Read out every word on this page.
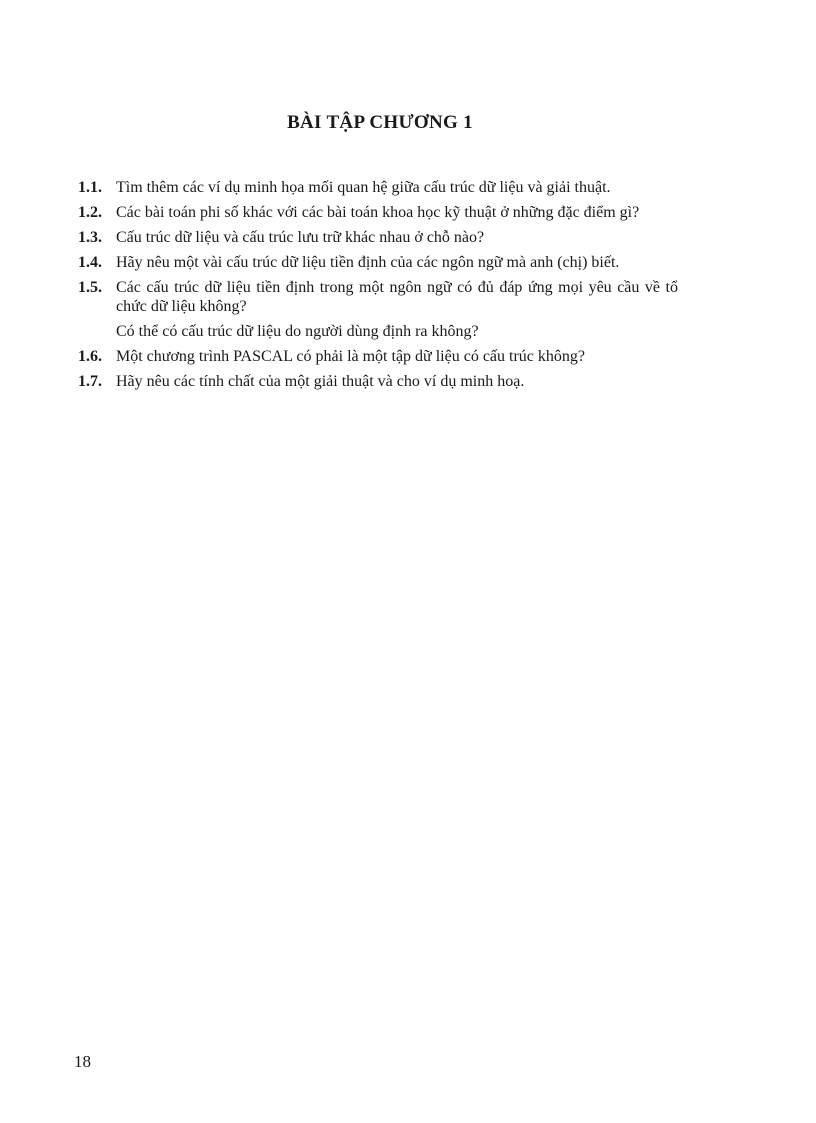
BÀI TẬP CHƯƠNG 1
1.1. Tìm thêm các ví dụ minh họa mối quan hệ giữa cấu trúc dữ liệu và giải thuật.
1.2. Các bài toán phi số khác với các bài toán khoa học kỹ thuật ở những đặc điểm gì?
1.3. Cấu trúc dữ liệu và cấu trúc lưu trữ khác nhau ở chỗ nào?
1.4. Hãy nêu một vài cấu trúc dữ liệu tiền định của các ngôn ngữ mà anh (chị) biết.
1.5. Các cấu trúc dữ liệu tiền định trong một ngôn ngữ có đủ đáp ứng mọi yêu cầu về tổ chức dữ liệu không?
Có thể có cấu trúc dữ liệu do người dùng định ra không?
1.6. Một chương trình PASCAL có phải là một tập dữ liệu có cấu trúc không?
1.7. Hãy nêu các tính chất của một giải thuật và cho ví dụ minh hoạ.
18
